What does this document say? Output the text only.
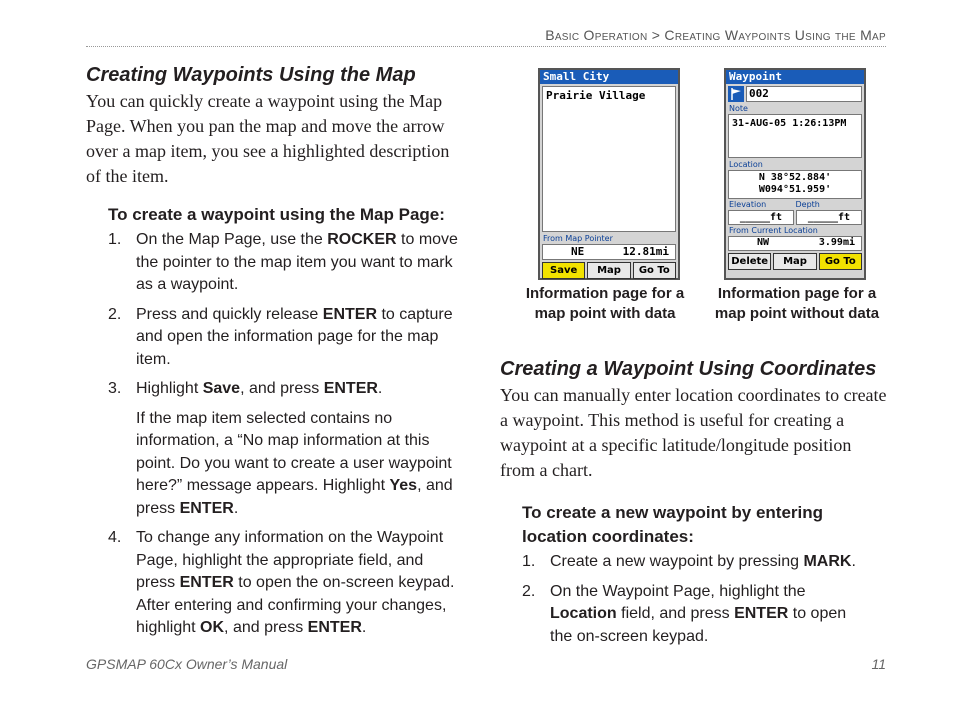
Basic Operation > Creating Waypoints Using the Map
Creating Waypoints Using the Map
You can quickly create a waypoint using the Map Page. When you pan the map and move the arrow over a map item, you see a highlighted description of the item.
To create a waypoint using the Map Page:
1. On the Map Page, use the ROCKER to move the pointer to the map item you want to mark as a waypoint.

2. Press and quickly release ENTER to capture and open the information page for the map item.

3. Highlight Save, and press ENTER.

If the map item selected contains no information, a “No map information at this point. Do you want to create a user waypoint here?” message appears. Highlight Yes, and press ENTER.

4. To change any information on the Waypoint Page, highlight the appropriate field, and press ENTER to open the on-screen keypad. After entering and confirming your changes, highlight OK, and press ENTER.

Small City
Prairie Village
From Map Pointer
NE	12.81mi
Save	Map	Go To
Waypoint
002
Note
31-AUG-05 1:26:13PM
Location
N 38°52.884'
W094°51.959'
Elevation	Depth
_____ft	_____ft
From Current Location
NW	3.99mi
Delete	Map	Go To
Information page for a map point with data
Information page for a map point without data
Creating a Waypoint Using Coordinates
You can manually enter location coordinates to create a waypoint. This method is useful for creating a waypoint at a specific latitude/longitude position from a chart.
To create a new waypoint by entering location coordinates:
1. Create a new waypoint by pressing MARK.

2. On the Waypoint Page, highlight the Location field, and press ENTER to open the on-screen keypad.

GPSMAP 60Cx Owner’s Manual	11
